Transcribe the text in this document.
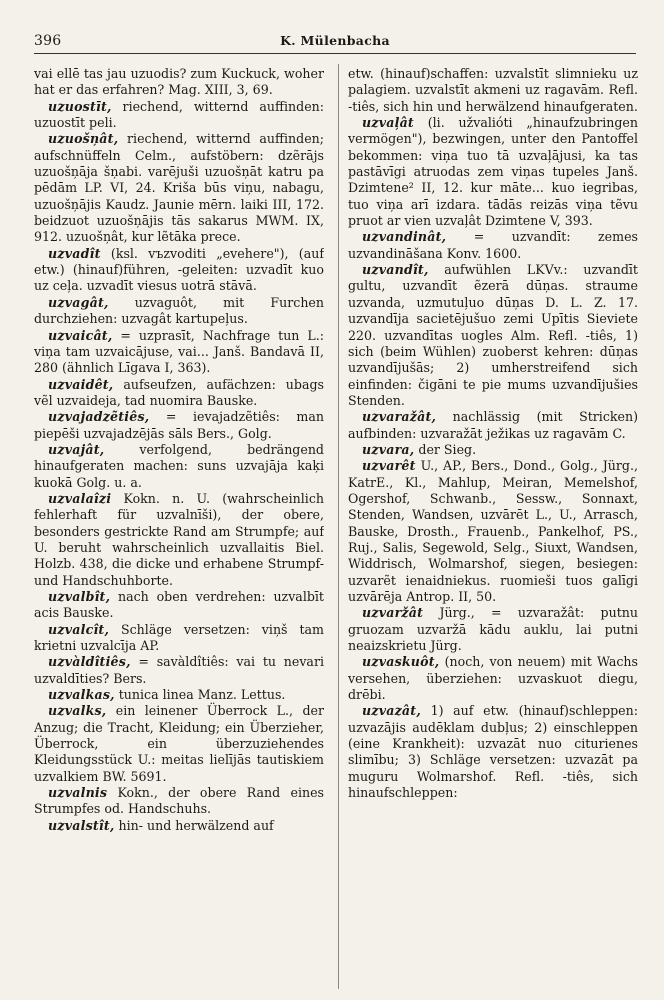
396	K. Mülenbacha

vai ellē tas jau uzuodis? zum Kuckuck, woher hat er das erfahren? Mag. XIII, 3, 69.

uzuostīt, riechend, witternd auffinden: uzuostīt peli.

uzuošņât, riechend, witternd auffinden; aufschnüffeln Celm., aufstöbern: dzẽrājs uzuošņāja šņabi. varējuši uzuošņāt katru pa pēdām LP. VI, 24. Kriša būs viņu, nabagu, uzuošņājis Kaudz. Jaunie mērn. laiki III, 172. beidzuot uzuošņājis tās sakarus MWM. IX, 912. uzuošņât, kur lẽtāka prece.

uzvadît (ksl. vъzvoditi „evehere"), (auf etw.) (hinauf)führen, -geleiten: uzvadīt kuo uz ceļa. uzvadīt viesus uotrā stāvā.

uzvagât, uzvaguôt, mit Furchen durchziehen: uzvagât kartupeļus.

uzvaicât, = uzprasīt, Nachfrage tun L.: viņa tam uzvaicājuse, vai... Janš. Bandavā II, 280 (ähnlich Līgava I, 363).

uzvaidêt, aufseufzen, aufächzen: ubags vẽl uzvaideja, tad nuomira Bauske.

uzvajadzẽtiês, = ievajadzẽtiês: man piepēši uzvajadzējās sāls Bers., Golg.

uzvajât, verfolgend, bedrängend hinaufgeraten machen: suns uzvajāja kaķi kuokā Golg. u. a.

uzvalaîzi Kokn. n. U. (wahrscheinlich fehlerhaft für uzvalnīši), der obere, besonders gestrickte Rand am Strumpfe; auf U. beruht wahrscheinlich uzvallaitis Biel. Holzb. 438, die dicke und erhabene Strumpf- und Handschuhborte.

uzvalbît, nach oben verdrehen: uzvalbīt acis Bauske.

uzvalcît, Schläge versetzen: viņš tam krietni uzvalcīja AP.

uzvàldîtiês, = savàldîtiês: vai tu nevari uzvaldīties? Bers.

uzvalkas, tunica linea Manz. Lettus.

uzvalks, ein leinener Überrock L., der Anzug; die Tracht, Kleidung; ein Überzieher, Überrock, ein überzuziehendes Kleidungsstück U.: meitas lielījās tautiskiem uzvalkiem BW. 5691.

uzvalnis Kokn., der obere Rand eines Strumpfes od. Handschuhs.

uzvalstît, hin- und herwälzend auf

etw. (hinauf)schaffen: uzvalstīt slimnieku uz palagiem. uzvalstīt akmeni uz ragavām. Refl. -tiês, sich hin und herwälzend hinaufgeraten.

uzvaļât (li. užvalióti „hinaufzubringen vermögen"), bezwingen, unter den Pantoffel bekommen: viņa tuo tā uzvaļājusi, ka tas pastāvīgi atruodas zem viņas tupeles Janš. Dzimtene² II, 12. kur māte... kuo iegribas, tuo viņa arī izdara. tādās reizās viņa tẽvu pruot ar vien uzvaļât Dzimtene V, 393.

uzvandinât, = uzvandīt: zemes uzvandināšana Konv. 1600.

uzvandît, aufwühlen LKVv.: uzvandīt gultu, uzvandīt ẽzerā dūņas. straume uzvanda, uzmutuļuo dūņas D. L. Z. 17. uzvandīja sacietējušuo zemi Upītis Sieviete 220. uzvandītas uogles Alm. Refl. -tiês, 1) sich (beim Wühlen) zuoberst kehren: dūņas uzvandījušās; 2) umherstreifend sich einfinden: čigāni te pie mums uzvandījušies Stenden.

uzvaražât, nachlässig (mit Stricken) aufbinden: uzvaražāt ježikas uz ragavām C.

uzvara, der Sieg.

uzvarêt U., AP., Bers., Dond., Golg., Jürg., KatrE., Kl., Mahlup, Meiran, Memelshof, Ogershof, Schwanb., Sessw., Sonnaxt, Stenden, Wandsen, uzvārēt L., U., Arrasch, Bauske, Drosth., Frauenb., Pankelhof, PS., Ruj., Salis, Segewold, Selg., Siuxt, Wandsen, Widdrisch, Wolmarshof, siegen, besiegen: uzvarẽt ienaidniekus. ruomieši tuos galīgi uzvārēja Antrop. II, 50.

uzvaržât Jürg., = uzvaražât: putnu gruozam uzvaržā kādu auklu, lai putni neaizskrietu Jürg.

uzvaskuôt, (noch, von neuem) mit Wachs versehen, überziehen: uzvaskuot diegu, drēbi.

uzvazât, 1) auf etw. (hinauf)schleppen: uzvazājis audēklam dubļus; 2) einschleppen (eine Krankheit): uzvazāt nuo citurienes slimību; 3) Schläge versetzen: uzvazāt pa muguru Wolmarshof. Refl. -tiês, sich hinaufschleppen:
